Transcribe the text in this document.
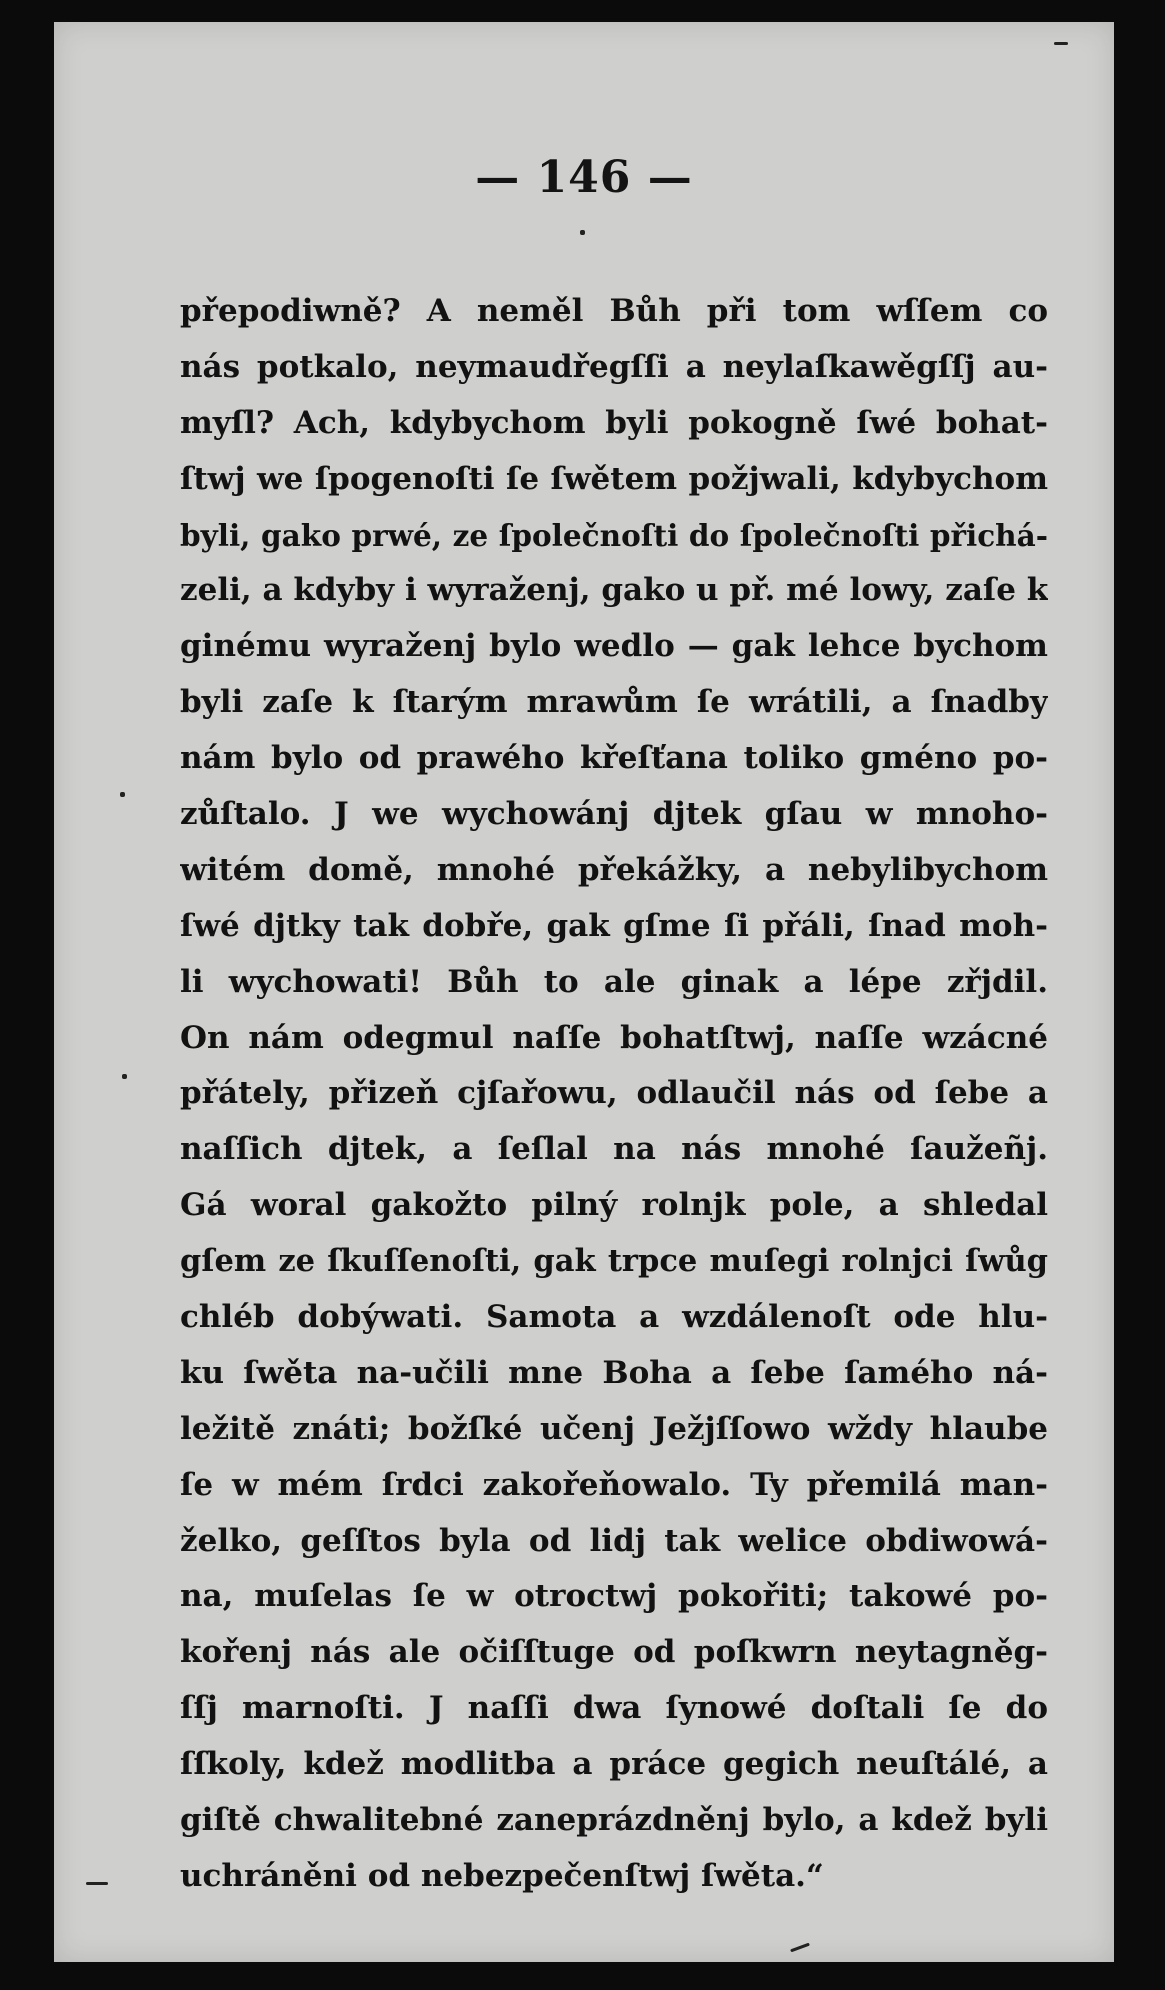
— 146 —
přepodiwně? A neměl Bůh při tom wſſem co
nás potkalo, neymaudřegſſi a neylaſkawěgſſj au-
myſl? Ach, kdybychom byli pokogně ſwé bohat-
ſtwj we ſpogenoſti ſe ſwětem požjwali, kdybychom
byli, gako prwé, ze ſpolečnoſti do ſpolečnoſti přichá-
zeli, a kdyby i wyraženj, gako u př. mé lowy, zaſe k
ginému wyraženj bylo wedlo — gak lehce bychom
byli zaſe k ſtarým mrawům ſe wrátili, a ſnadby
nám bylo od prawého křeſťana toliko gméno po-
zůſtalo. J we wychowánj djtek gſau w mnoho-
witém domě, mnohé překážky, a nebylibychom
ſwé djtky tak dobře, gak gſme ſi přáli, ſnad moh-
li wychowati! Bůh to ale ginak a lépe zřjdil.
On nám odegmul naſſe bohatſtwj, naſſe wzácné
přátely, přizeň cjſařowu, odlaučil nás od ſebe a
naſſich djtek, a ſeſlal na nás mnohé ſaužeñj.
Gá woral gakožto pilný rolnjk pole, a shledal
gſem ze ſkuſſenoſti, gak trpce muſegi rolnjci ſwůg
chléb dobýwati. Samota a wzdálenoſt ode hlu-
ku ſwěta na-učili mne Boha a ſebe ſamého ná-
ležitě znáti; božſké učenj Ježjſſowo wždy hlaube
ſe w mém ſrdci zakořeňowalo. Ty přemilá man-
želko, geſſtos byla od lidj tak welice obdiwowá-
na, muſelas ſe w otroctwj pokořiti; takowé po-
kořenj nás ale očiſſtuge od poſkwrn neytagněg-
ſſj marnoſti. J naſſi dwa ſynowé doſtali ſe do
ſſkoly, kdež modlitba a práce gegich neuſtálé, a
giſtě chwalitebné zaneprázdněnj bylo, a kdež byli
uchráněni od nebezpečenſtwj ſwěta.“
